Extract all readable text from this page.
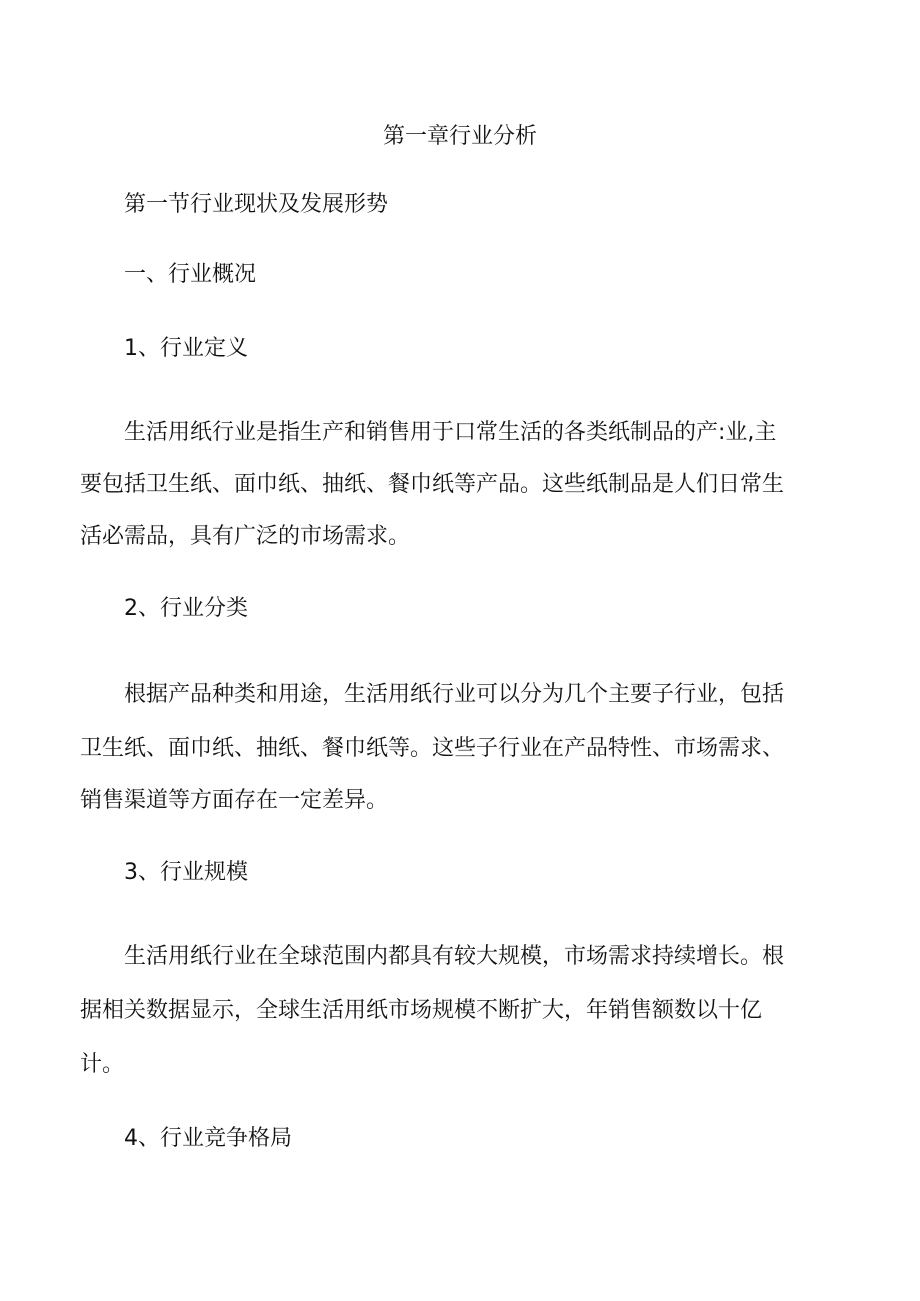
第一章行业分析
第一节行业现状及发展形势
一、行业概况
1、行业定义
生活用纸行业是指生产和销售用于口常生活的各类纸制品的产:业,主
要包括卫生纸、面巾纸、抽纸、餐巾纸等产品。这些纸制品是人们日常生
活必需品，具有广泛的市场需求。
2、行业分类
根据产品种类和用途，生活用纸行业可以分为几个主要子行业，包括
卫生纸、面巾纸、抽纸、餐巾纸等。这些子行业在产品特性、市场需求、
销售渠道等方面存在一定差异。
3、行业规模
生活用纸行业在全球范围内都具有较大规模，市场需求持续增长。根
据相关数据显示，全球生活用纸市场规模不断扩大，年销售额数以十亿
计。
4、行业竞争格局
